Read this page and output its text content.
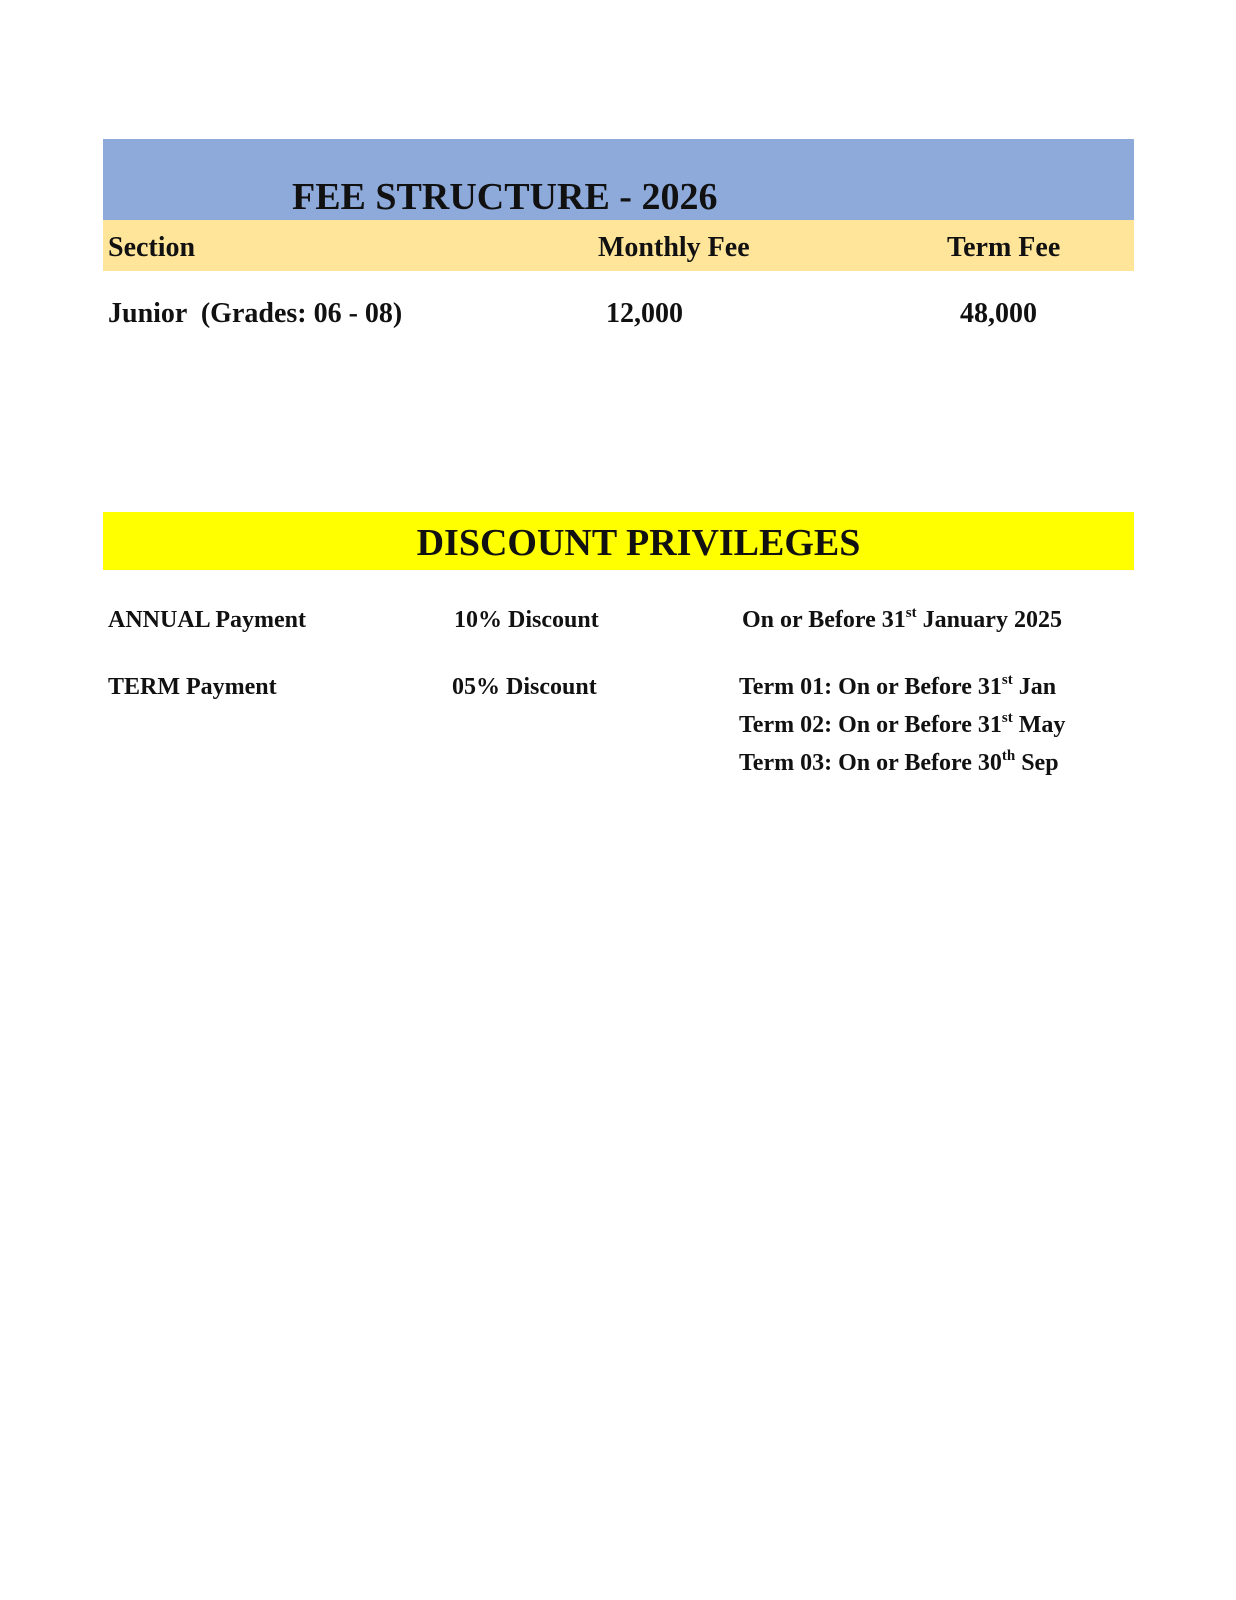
FEE STRUCTURE - 2026
Section	Monthly Fee	Term Fee
Junior  (Grades: 06 - 08)	12,000	48,000
DISCOUNT PRIVILEGES
ANNUAL Payment	10% Discount	On or Before 31st January 2025
TERM Payment	05% Discount	Term 01: On or Before 31st Jan
Term 02: On or Before 31st May
Term 03: On or Before 30th Sep
